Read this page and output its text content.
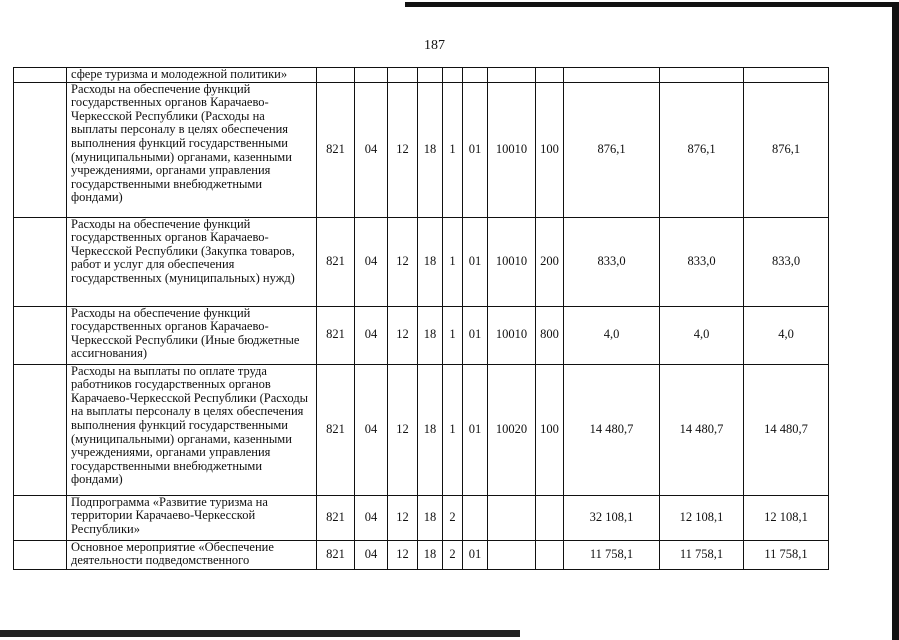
187
	сфере туризма и молодежной политики»											
	Расходы на обеспечение функций государственных органов Карачаево-Черкесской Республики (Расходы на выплаты персоналу в целях обеспечения выполнения функций государственными (муниципальными) органами, казенными учреждениями, органами управления государственными внебюджетными фондами)	821	04	12	18	1	01	10010	100	876,1	876,1	876,1
	Расходы на обеспечение функций государственных органов Карачаево-Черкесской Республики (Закупка товаров, работ и услуг для обеспечения государственных (муниципальных) нужд)	821	04	12	18	1	01	10010	200	833,0	833,0	833,0
	Расходы на обеспечение функций государственных органов Карачаево-Черкесской Республики (Иные бюджетные ассигнования)	821	04	12	18	1	01	10010	800	4,0	4,0	4,0
	Расходы на выплаты по оплате труда работников государственных органов Карачаево-Черкесской Республики (Расходы на выплаты персоналу в целях обеспечения выполнения функций государственными (муниципальными) органами, казенными учреждениями, органами управления государственными внебюджетными фондами)	821	04	12	18	1	01	10020	100	14 480,7	14 480,7	14 480,7
	Подпрограмма «Развитие туризма на территории Карачаево-Черкесской Республики»	821	04	12	18	2				32 108,1	12 108,1	12 108,1
	Основное мероприятие «Обеспечение деятельности подведомственного	821	04	12	18	2	01			11 758,1	11 758,1	11 758,1
